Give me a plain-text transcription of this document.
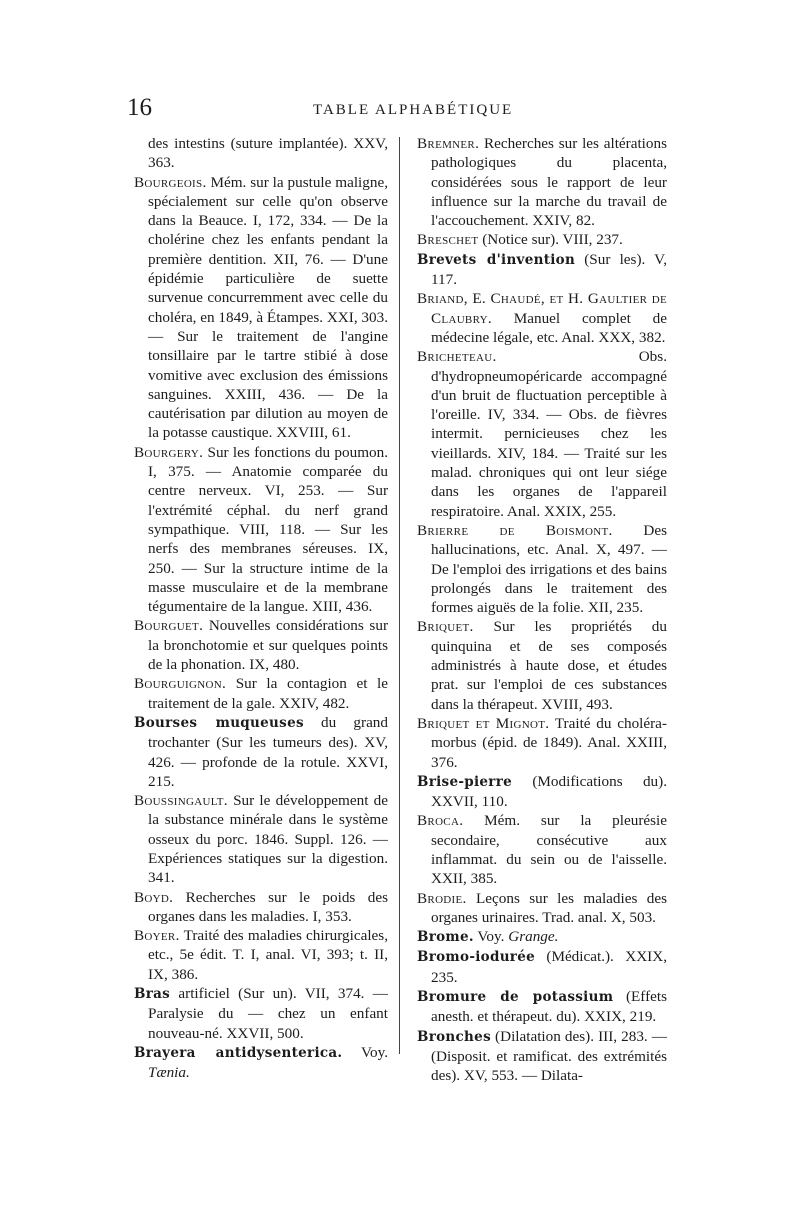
16	TABLE ALPHABÉTIQUE

des intestins (suture implantée). XXV, 363.

Bourgeois. Mém. sur la pustule maligne, spécialement sur celle qu'on observe dans la Beauce. I, 172, 334. — De la cholérine chez les enfants pendant la première dentition. XII, 76. — D'une épidémie particulière de suette survenue concurremment avec celle du choléra, en 1849, à Étampes. XXI, 303. — Sur le traitement de l'angine tonsillaire par le tartre stibié à dose vomitive avec exclusion des émissions sanguines. XXIII, 436. — De la cautérisation par dilution au moyen de la potasse caustique. XXVIII, 61.

Bourgery. Sur les fonctions du poumon. I, 375. — Anatomie comparée du centre nerveux. VI, 253. — Sur l'extrémité céphal. du nerf grand sympathique. VIII, 118. — Sur les nerfs des membranes séreuses. IX, 250. — Sur la structure intime de la masse musculaire et de la membrane tégumentaire de la langue. XIII, 436.

Bourguet. Nouvelles considérations sur la bronchotomie et sur quelques points de la phonation. IX, 480.

Bourguignon. Sur la contagion et le traitement de la gale. XXIV, 482.

Bourses muqueuses du grand trochanter (Sur les tumeurs des). XV, 426. — profonde de la rotule. XXVI, 215.

Boussingault. Sur le développement de la substance minérale dans le système osseux du porc. 1846. Suppl. 126. — Expériences statiques sur la digestion. 341.

Boyd. Recherches sur le poids des organes dans les maladies. I, 353.

Boyer. Traité des maladies chirurgicales, etc., 5e édit. T. I, anal. VI, 393; t. II, IX, 386.

Bras artificiel (Sur un). VII, 374. — Paralysie du — chez un enfant nouveau-né. XXVII, 500.

Brayera antidysenterica. Voy. Tænia.

Bremner. Recherches sur les altérations pathologiques du placenta, considérées sous le rapport de leur influence sur la marche du travail de l'accouchement. XXIV, 82.

Breschet (Notice sur). VIII, 237.

Brevets d'invention (Sur les). V, 117.

Briand, E. Chaudé, et H. Gaultier de Claubry. Manuel complet de médecine légale, etc. Anal. XXX, 382.

Bricheteau. Obs. d'hydropneumopéricarde accompagné d'un bruit de fluctuation perceptible à l'oreille. IV, 334. — Obs. de fièvres intermit. pernicieuses chez les vieillards. XIV, 184. — Traité sur les malad. chroniques qui ont leur siége dans les organes de l'appareil respiratoire. Anal. XXIX, 255.

Brierre de Boismont. Des hallucinations, etc. Anal. X, 497. — De l'emploi des irrigations et des bains prolongés dans le traitement des formes aiguës de la folie. XII, 235.

Briquet. Sur les propriétés du quinquina et de ses composés administrés à haute dose, et études prat. sur l'emploi de ces substances dans la thérapeut. XVIII, 493.

Briquet et Mignot. Traité du choléra-morbus (épid. de 1849). Anal. XXIII, 376.

Brise-pierre (Modifications du). XXVII, 110.

Broca. Mém. sur la pleurésie secondaire, consécutive aux inflammat. du sein ou de l'aisselle. XXII, 385.

Brodie. Leçons sur les maladies des organes urinaires. Trad. anal. X, 503.

Brome. Voy. Grange.

Bromo-iodurée (Médicat.). XXIX, 235.

Bromure de potassium (Effets anesth. et thérapeut. du). XXIX, 219.

Bronches (Dilatation des). III, 283. — (Disposit. et ramificat. des extrémités des). XV, 553. — Dilata-
